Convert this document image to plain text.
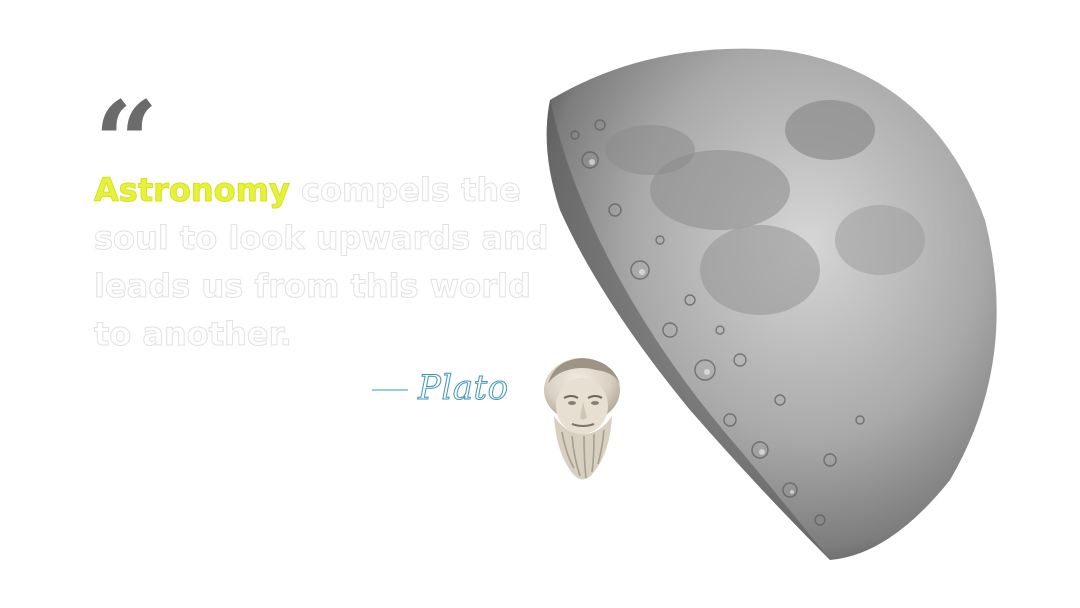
“

Astronomy compels the soul to look upwards and leads us from this world to another.

Plato
